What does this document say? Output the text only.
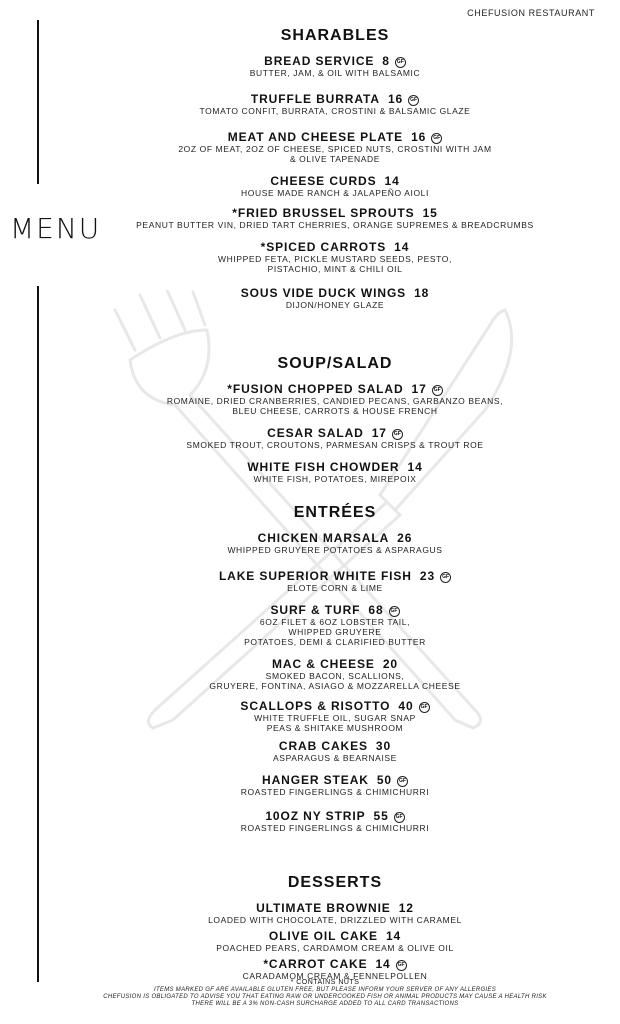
CHEFUSION RESTAURANT
MENU
SHARABLES
BREAD SERVICE 8 GF
BUTTER, JAM, & OIL WITH BALSAMIC
TRUFFLE BURRATA 16 GF
TOMATO CONFIT, BURRATA, CROSTINI & BALSAMIC GLAZE
MEAT AND CHEESE PLATE 16 GF
2OZ OF MEAT, 2OZ OF CHEESE, SPICED NUTS, CROSTINI WITH JAM
& OLIVE TAPENADE
CHEESE CURDS 14
HOUSE MADE RANCH & JALAPEÑO AIOLI
*FRIED BRUSSEL SPROUTS 15
PEANUT BUTTER VIN, DRIED TART CHERRIES, ORANGE SUPREMES & BREADCRUMBS
*SPICED CARROTS 14
WHIPPED FETA, PICKLE MUSTARD SEEDS, PESTO,
PISTACHIO, MINT & CHILI OIL
SOUS VIDE DUCK WINGS 18
DIJON/HONEY GLAZE
SOUP/SALAD
*FUSION CHOPPED SALAD 17 GF
ROMAINE, DRIED CRANBERRIES, CANDIED PECANS, GARBANZO BEANS,
BLEU CHEESE, CARROTS & HOUSE FRENCH
CESAR SALAD 17 GF
SMOKED TROUT, CROUTONS, PARMESAN CRISPS & TROUT ROE
WHITE FISH CHOWDER 14
WHITE FISH, POTATOES, MIREPOIX
ENTRÉES
CHICKEN MARSALA 26
WHIPPED GRUYERE POTATOES & ASPARAGUS
LAKE SUPERIOR WHITE FISH 23 GF
ELOTE CORN & LIME
SURF & TURF 68 GF
6OZ FILET & 6OZ LOBSTER TAIL,
WHIPPED GRUYERE
POTATOES, DEMI & CLARIFIED BUTTER
MAC & CHEESE 20
SMOKED BACON, SCALLIONS,
GRUYERE, FONTINA, ASIAGO & MOZZARELLA CHEESE
SCALLOPS & RISOTTO 40 GF
WHITE TRUFFLE OIL, SUGAR SNAP
PEAS & SHITAKE MUSHROOM
CRAB CAKES 30
ASPARAGUS & BEARNAISE
HANGER STEAK 50 GF
ROASTED FINGERLINGS & CHIMICHURRI
10OZ NY STRIP 55 GF
ROASTED FINGERLINGS & CHIMICHURRI
DESSERTS
ULTIMATE BROWNIE 12
LOADED WITH CHOCOLATE, DRIZZLED WITH CARAMEL
OLIVE OIL CAKE 14
POACHED PEARS, CARDAMOM CREAM & OLIVE OIL
*CARROT CAKE 14 GF
CARADAMOM CREAM & FENNELPOLLEN
* CONTAINS NUTS
ITEMS MARKED GF ARE AVAILABLE GLUTEN FREE, BUT PLEASE INFORM YOUR SERVER OF ANY ALLERGIES
CHEFUSION IS OBLIGATED TO ADVISE YOU THAT EATING RAW OR UNDERCOOKED FISH OR ANIMAL PRODUCTS MAY CAUSE A HEALTH RISK
THERE WILL BE A 3% NON-CASH SURCHARGE ADDED TO ALL CARD TRANSACTIONS
